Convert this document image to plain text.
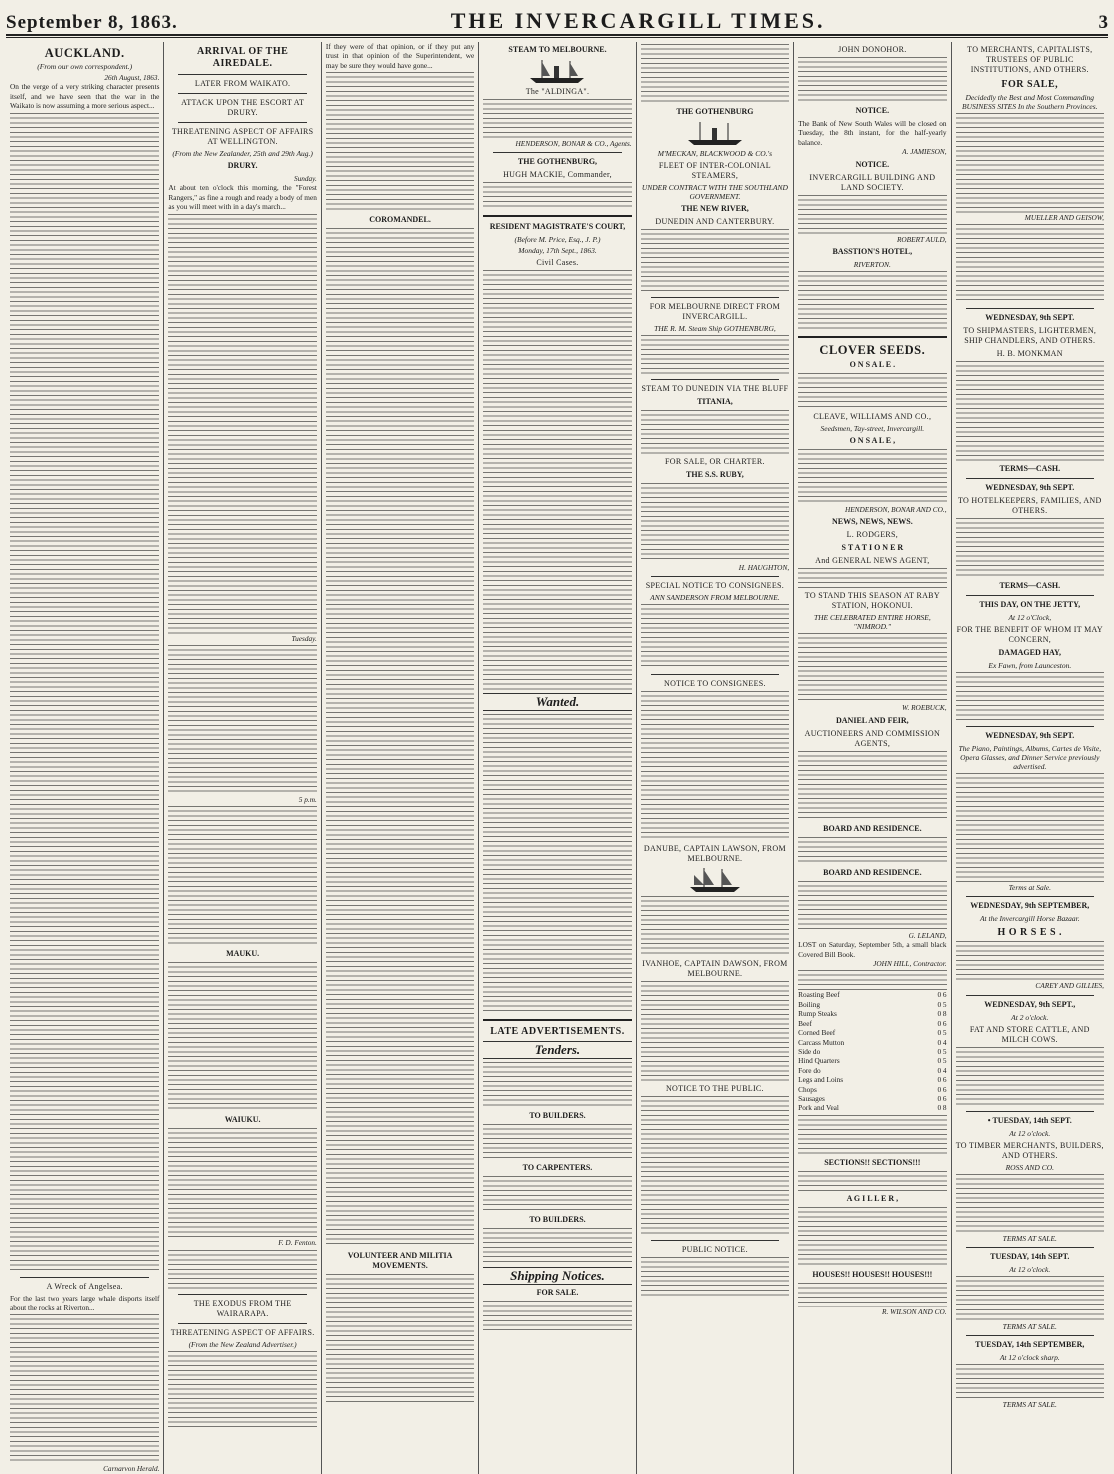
September 8, 1863.	THE INVERCARGILL TIMES.	3
AUCKLAND.
(From our own correspondent.)
26th August, 1863.
On the verge of a very striking character presents itself, and we have seen that the war in the Waikato is now assuming a more serious aspect...
A Wreck of Angelsea.
For the last two years large whale disports itself about the rocks at Riverton...
Carnarvon Herald.
ARRIVAL OF THE AIREDALE.
LATER FROM WAIKATO.
ATTACK UPON THE ESCORT AT DRURY.
THREATENING ASPECT OF AFFAIRS AT WELLINGTON.
(From the New Zealander, 25th and 29th Aug.)
DRURY.
Sunday.
At about ten o'clock this morning, the "Forest Rangers," as fine a rough and ready a body of men as you will meet with in a day's march...
Tuesday.
5 p.m.
MAUKU.
WAIUKU.
F. D. Fenton.
THE EXODUS FROM THE WAIRARAPA.
THREATENING ASPECT OF AFFAIRS.
(From the New Zealand Advertiser.)
If they were of that opinion, or if they put any trust in that opinion of the Superintendent, we may be sure they would have gone...
COROMANDEL.
VOLUNTEER AND MILITIA MOVEMENTS.
STEAM TO MELBOURNE.
The "ALDINGA".
HENDERSON, BONAR & CO., Agents.
THE GOTHENBURG,
HUGH MACKIE, Commander,
RESIDENT MAGISTRATE'S COURT,
(Before M. Price, Esq., J. P.)
Monday, 17th Sept., 1863.
Civil Cases.
Wanted.
LATE ADVERTISEMENTS.
Tenders.
TO BUILDERS.
TO CARPENTERS.
TO BUILDERS.
Shipping Notices.
FOR SALE.
THE GOTHENBURG
M'MECKAN, BLACKWOOD & CO.'s
FLEET OF INTER-COLONIAL STEAMERS,
UNDER CONTRACT WITH THE SOUTHLAND GOVERNMENT.
THE NEW RIVER,
DUNEDIN AND CANTERBURY.
FOR MELBOURNE DIRECT FROM INVERCARGILL.
THE R. M. Steam Ship GOTHENBURG,
STEAM TO DUNEDIN VIA THE BLUFF
TITANIA,
FOR SALE, OR CHARTER.
THE S.S. RUBY,
H. HAUGHTON,
SPECIAL NOTICE TO CONSIGNEES.
ANN SANDERSON FROM MELBOURNE.
NOTICE TO CONSIGNEES.
DANUBE, CAPTAIN LAWSON, FROM MELBOURNE.
IVANHOE, CAPTAIN DAWSON, FROM MELBOURNE.
NOTICE TO THE PUBLIC.
PUBLIC NOTICE.
JOHN DONOHOR.
NOTICE.
The Bank of New South Wales will be closed on Tuesday, the 8th instant, for the half-yearly balance.
A. JAMIESON,
NOTICE.
INVERCARGILL BUILDING AND LAND SOCIETY.
ROBERT AULD,
BASSTION'S HOTEL,
RIVERTON.
CLOVER SEEDS.
O N S A L E .
CLEAVE, WILLIAMS AND CO.,
Seedsmen, Tay-street, Invercargill.
O N S A L E ,
HENDERSON, BONAR AND CO.,
NEWS, NEWS, NEWS.
L. RODGERS,
S T A T I O N E R
And GENERAL NEWS AGENT,
TO STAND THIS SEASON AT RABY STATION, HOKONUI.
THE CELEBRATED ENTIRE HORSE, "NIMROD."
W. ROEBUCK,
DANIEL AND FEIR,
AUCTIONEERS AND COMMISSION AGENTS,
BOARD AND RESIDENCE.
BOARD AND RESIDENCE.
G. LELAND,
LOST on Saturday, September 5th, a small black Covered Bill Book.
JOHN HILL, Contractor.
Roasting Beef	0 6
Boiling	0 5
Rump Steaks	0 8
Beef	0 6
Corned Beef	0 5
Carcass Mutton	0 4
Side do	0 5
Hind Quarters	0 5
Fore do	0 4
Legs and Loins	0 6
Chops	0 6
Sausages	0 6
Pork and Veal	0 8
SECTIONS!! SECTIONS!!!
A G I L L E R ,
HOUSES!! HOUSES!! HOUSES!!!
R. WILSON AND CO.
TO MERCHANTS, CAPITALISTS, TRUSTEES OF PUBLIC INSTITUTIONS, AND OTHERS.
FOR SALE,
Decidedly the Best and Most Commanding BUSINESS SITES In the Southern Provinces.
MUELLER AND GEISOW,
WEDNESDAY, 9th SEPT.
TO SHIPMASTERS, LIGHTERMEN, SHIP CHANDLERS, AND OTHERS.
H. B. MONKMAN
TERMS—CASH.
WEDNESDAY, 9th SEPT.
TO HOTELKEEPERS, FAMILIES, AND OTHERS.
TERMS—CASH.
THIS DAY, ON THE JETTY,
At 12 o'Clock,
FOR THE BENEFIT OF WHOM IT MAY CONCERN,
DAMAGED HAY,
Ex Fawn, from Launceston.
WEDNESDAY, 9th SEPT.
The Piano, Paintings, Albums, Cartes de Visite, Opera Glasses, and Dinner Service previously advertised.
Terms at Sale.
WEDNESDAY, 9th SEPTEMBER,
At the Invercargill Horse Bazaar.
H O R S E S .
CAREY AND GILLIES,
WEDNESDAY, 9th SEPT.,
At 2 o'clock.
FAT AND STORE CATTLE, AND MILCH COWS.
• TUESDAY, 14th SEPT.
At 12 o'clock.
TO TIMBER MERCHANTS, BUILDERS, AND OTHERS.
ROSS AND CO.
TERMS AT SALE.
TUESDAY, 14th SEPT.
At 12 o'clock.
TERMS AT SALE.
TUESDAY, 14th SEPTEMBER,
At 12 o'clock sharp.
TERMS AT SALE.
